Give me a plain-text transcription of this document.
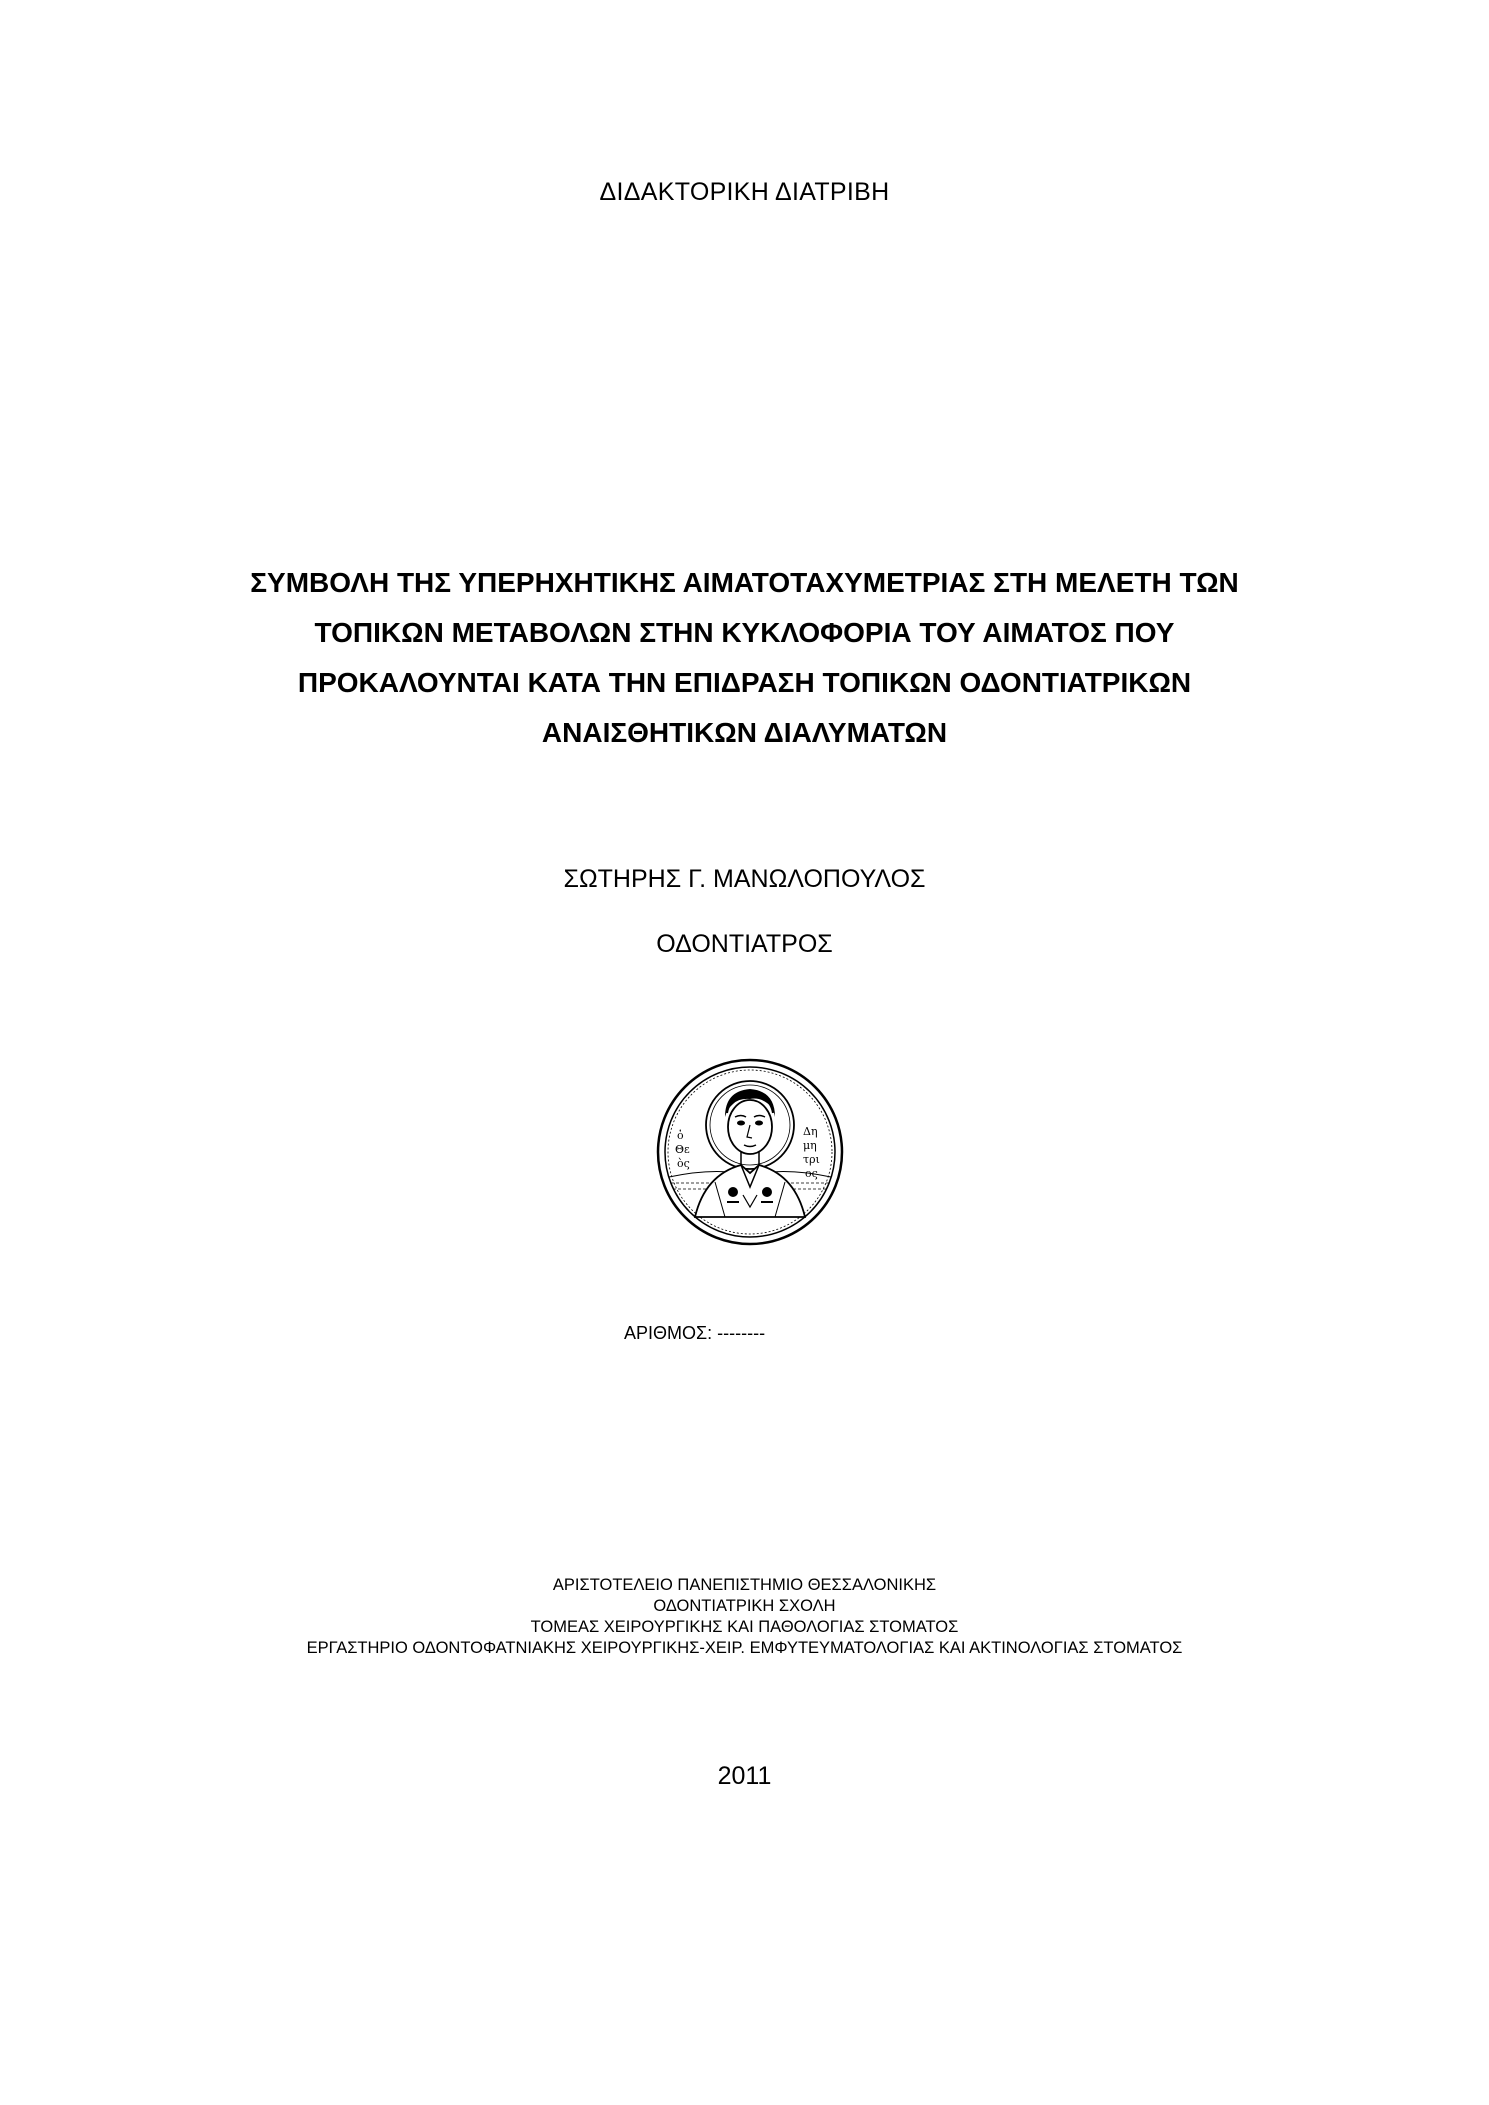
ΔΙΔΑΚΤΟΡΙΚΗ ΔΙΑΤΡΙΒΗ
ΣΥΜΒΟΛΗ ΤΗΣ ΥΠΕΡΗΧΗΤΙΚΗΣ ΑΙΜΑΤΟΤΑΧΥΜΕΤΡΙΑΣ ΣΤΗ ΜΕΛΕΤΗ ΤΩΝ
ΤΟΠΙΚΩΝ ΜΕΤΑΒΟΛΩΝ ΣΤΗΝ ΚΥΚΛΟΦΟΡΙΑ ΤΟΥ ΑΙΜΑΤΟΣ ΠΟΥ
ΠΡΟΚΑΛΟΥΝΤΑΙ ΚΑΤΑ ΤΗΝ ΕΠΙΔΡΑΣΗ ΤΟΠΙΚΩΝ ΟΔΟΝΤΙΑΤΡΙΚΩΝ
ΑΝΑΙΣΘΗΤΙΚΩΝ ΔΙΑΛΥΜΑΤΩΝ
ΣΩΤΗΡΗΣ Γ. ΜΑΝΩΛΟΠΟΥΛΟΣ
ΟΔΟΝΤΙΑΤΡΟΣ
ὁ
Θε
ὸς
Δη
μη
τρι
ος
ΑΡΙΘΜΟΣ: --------
ΑΡΙΣΤΟΤΕΛΕΙΟ ΠΑΝΕΠΙΣΤΗΜΙΟ ΘΕΣΣΑΛΟΝΙΚΗΣ
ΟΔΟΝΤΙΑΤΡΙΚΗ ΣΧΟΛΗ
ΤΟΜΕΑΣ ΧΕΙΡΟΥΡΓΙΚΗΣ ΚΑΙ ΠΑΘΟΛΟΓΙΑΣ ΣΤΟΜΑΤΟΣ
ΕΡΓΑΣΤΗΡΙΟ ΟΔΟΝΤΟΦΑΤΝΙΑΚΗΣ ΧΕΙΡΟΥΡΓΙΚΗΣ-ΧΕΙΡ. ΕΜΦΥΤΕΥΜΑΤΟΛΟΓΙΑΣ ΚΑΙ ΑΚΤΙΝΟΛΟΓΙΑΣ ΣΤΟΜΑΤΟΣ
2011
